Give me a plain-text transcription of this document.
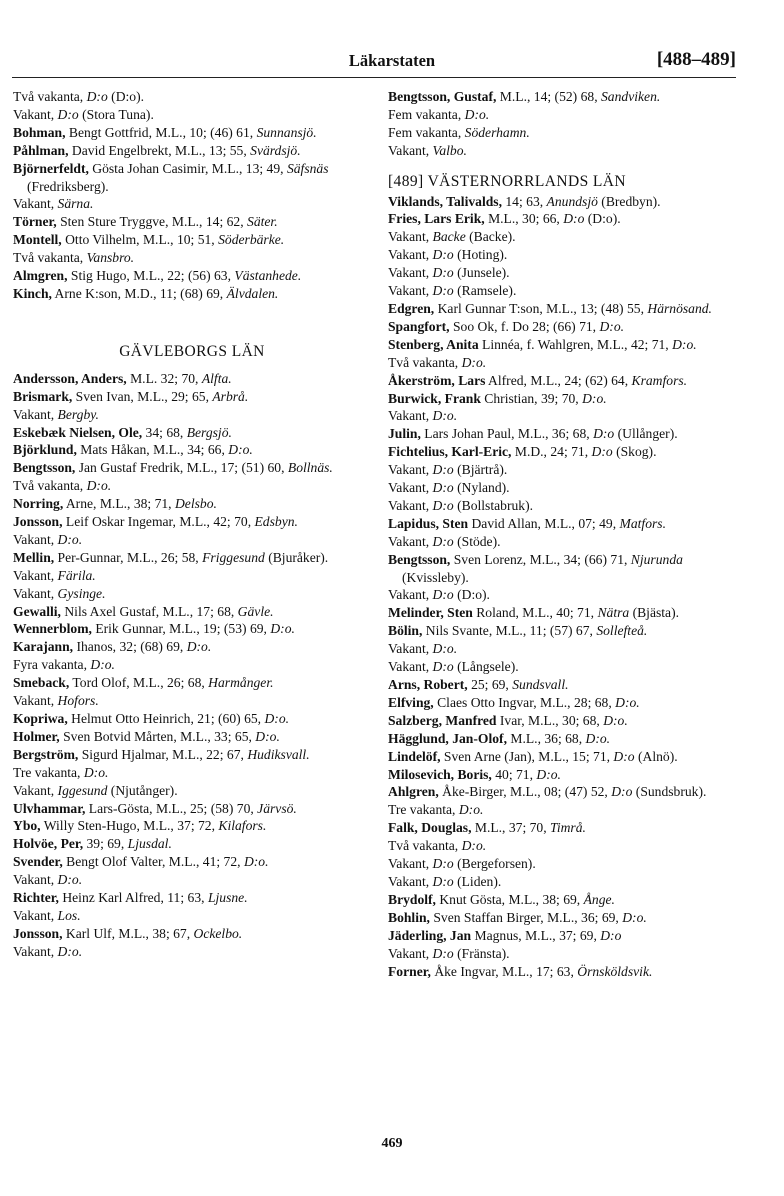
Läkarstaten	[488–489]
Två vakanta, D:o (D:o).
Vakant, D:o (Stora Tuna).
Bohman, Bengt Gottfrid, M.L., 10; (46) 61, Sunnansjö.
Påhlman, David Engelbrekt, M.L., 13; 55, Svärdsjö.
Björnerfeldt, Gösta Johan Casimir, M.L., 13; 49, Säfsnäs (Fredriksberg).
Vakant, Särna.
Törner, Sten Sture Tryggve, M.L., 14; 62, Säter.
Montell, Otto Vilhelm, M.L., 10; 51, Söderbärke.
Två vakanta, Vansbro.
Almgren, Stig Hugo, M.L., 22; (56) 63, Västanhede.
Kinch, Arne K:son, M.D., 11; (68) 69, Älvdalen.
GÄVLEBORGS LÄN
Andersson, Anders, M.L. 32; 70, Alfta.
Brismark, Sven Ivan, M.L., 29; 65, Arbrå.
Vakant, Bergby.
Eskebæk Nielsen, Ole, 34; 68, Bergsjö.
Björklund, Mats Håkan, M.L., 34; 66, D:o.
Bengtsson, Jan Gustaf Fredrik, M.L., 17; (51) 60, Bollnäs.
Två vakanta, D:o.
Norring, Arne, M.L., 38; 71, Delsbo.
Jonsson, Leif Oskar Ingemar, M.L., 42; 70, Edsbyn.
Vakant, D:o.
Mellin, Per-Gunnar, M.L., 26; 58, Friggesund (Bjuråker).
Vakant, Färila.
Vakant, Gysinge.
Gewalli, Nils Axel Gustaf, M.L., 17; 68, Gävle.
Wennerblom, Erik Gunnar, M.L., 19; (53) 69, D:o.
Karajann, Ihanos, 32; (68) 69, D:o.
Fyra vakanta, D:o.
Smeback, Tord Olof, M.L., 26; 68, Harmånger.
Vakant, Hofors.
Kopriwa, Helmut Otto Heinrich, 21; (60) 65, D:o.
Holmer, Sven Botvid Mårten, M.L., 33; 65, D:o.
Bergström, Sigurd Hjalmar, M.L., 22; 67, Hudiksvall.
Tre vakanta, D:o.
Vakant, Iggesund (Njutånger).
Ulvhammar, Lars-Gösta, M.L., 25; (58) 70, Järvsö.
Ybo, Willy Sten-Hugo, M.L., 37; 72, Kilafors.
Holvöe, Per, 39; 69, Ljusdal.
Svender, Bengt Olof Valter, M.L., 41; 72, D:o.
Vakant, D:o.
Richter, Heinz Karl Alfred, 11; 63, Ljusne.
Vakant, Los.
Jonsson, Karl Ulf, M.L., 38; 67, Ockelbo.
Vakant, D:o.
Bengtsson, Gustaf, M.L., 14; (52) 68, Sandviken.
Fem vakanta, D:o.
Fem vakanta, Söderhamn.
Vakant, Valbo.
[489] VÄSTERNORRLANDS LÄN
Viklands, Talivalds, 14; 63, Anundsjö (Bredbyn).
Fries, Lars Erik, M.L., 30; 66, D:o (D:o).
Vakant, Backe (Backe).
Vakant, D:o (Hoting).
Vakant, D:o (Junsele).
Vakant, D:o (Ramsele).
Edgren, Karl Gunnar T:son, M.L., 13; (48) 55, Härnösand.
Spangfort, Soo Ok, f. Do 28; (66) 71, D:o.
Stenberg, Anita Linnéa, f. Wahlgren, M.L., 42; 71, D:o.
Två vakanta, D:o.
Åkerström, Lars Alfred, M.L., 24; (62) 64, Kramfors.
Burwick, Frank Christian, 39; 70, D:o.
Vakant, D:o.
Julin, Lars Johan Paul, M.L., 36; 68, D:o (Ullånger).
Fichtelius, Karl-Eric, M.D., 24; 71, D:o (Skog).
Vakant, D:o (Bjärtrå).
Vakant, D:o (Nyland).
Vakant, D:o (Bollstabruk).
Lapidus, Sten David Allan, M.L., 07; 49, Matfors.
Vakant, D:o (Stöde).
Bengtsson, Sven Lorenz, M.L., 34; (66) 71, Njurunda (Kvissleby).
Vakant, D:o (D:o).
Melinder, Sten Roland, M.L., 40; 71, Nätra (Bjästa).
Bölin, Nils Svante, M.L., 11; (57) 67, Sollefteå.
Vakant, D:o.
Vakant, D:o (Långsele).
Arns, Robert, 25; 69, Sundsvall.
Elfving, Claes Otto Ingvar, M.L., 28; 68, D:o.
Salzberg, Manfred Ivar, M.L., 30; 68, D:o.
Hägglund, Jan-Olof, M.L., 36; 68, D:o.
Lindelöf, Sven Arne (Jan), M.L., 15; 71, D:o (Alnö).
Milosevich, Boris, 40; 71, D:o.
Ahlgren, Åke-Birger, M.L., 08; (47) 52, D:o (Sundsbruk).
Tre vakanta, D:o.
Falk, Douglas, M.L., 37; 70, Timrå.
Två vakanta, D:o.
Vakant, D:o (Bergeforsen).
Vakant, D:o (Liden).
Brydolf, Knut Gösta, M.L., 38; 69, Ånge.
Bohlin, Sven Staffan Birger, M.L., 36; 69, D:o.
Jäderling, Jan Magnus, M.L., 37; 69, D:o
Vakant, D:o (Fränsta).
Forner, Åke Ingvar, M.L., 17; 63, Örnsköldsvik.
469
